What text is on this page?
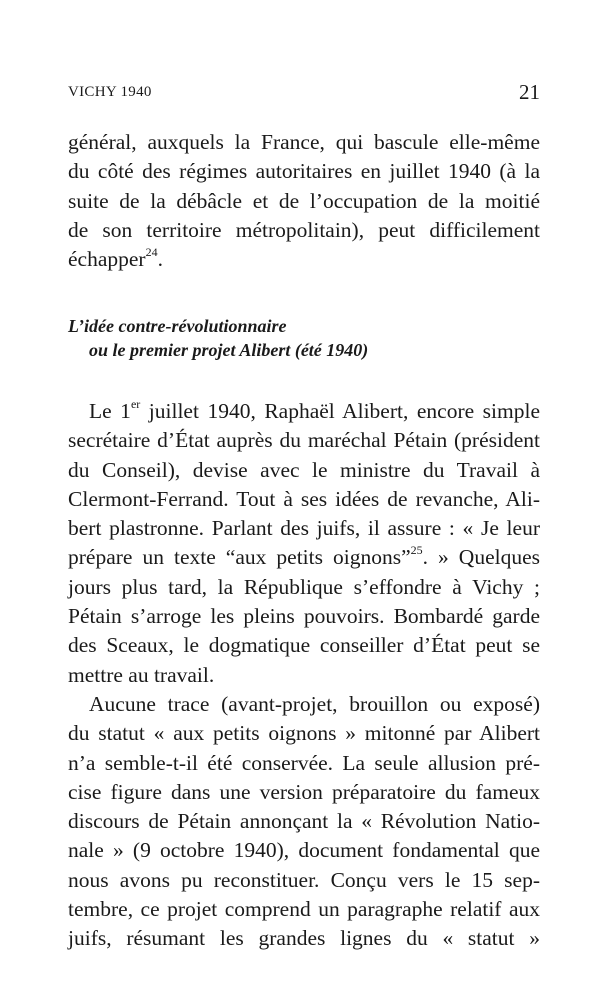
VICHY 1940	21
général, auxquels la France, qui bascule elle-même
du côté des régimes autoritaires en juillet 1940 (à la
suite de la débâcle et de l’occupation de la moitié
de son territoire métropolitain), peut difficilement
échapper$^{24}$.
L’idée contre-révolutionnaire
ou le premier projet Alibert (été 1940)
Le 1er juillet 1940, Raphaël Alibert, encore simple
secrétaire d’État auprès du maréchal Pétain (président
du Conseil), devise avec le ministre du Travail à
Clermont-Ferrand. Tout à ses idées de revanche, Ali-
bert plastronne. Parlant des juifs, il assure : « Je leur
prépare un texte “aux petits oignons”$^{25}$. » Quelques
jours plus tard, la République s’effondre à Vichy ;
Pétain s’arroge les pleins pouvoirs. Bombardé garde
des Sceaux, le dogmatique conseiller d’État peut se
mettre au travail.
Aucune trace (avant-projet, brouillon ou exposé)
du statut « aux petits oignons » mitonné par Alibert
n’a semble-t-il été conservée. La seule allusion pré-
cise figure dans une version préparatoire du fameux
discours de Pétain annonçant la « Révolution Natio-
nale » (9 octobre 1940), document fondamental que
nous avons pu reconstituer. Conçu vers le 15 sep-
tembre, ce projet comprend un paragraphe relatif aux
juifs, résumant les grandes lignes du « statut »
